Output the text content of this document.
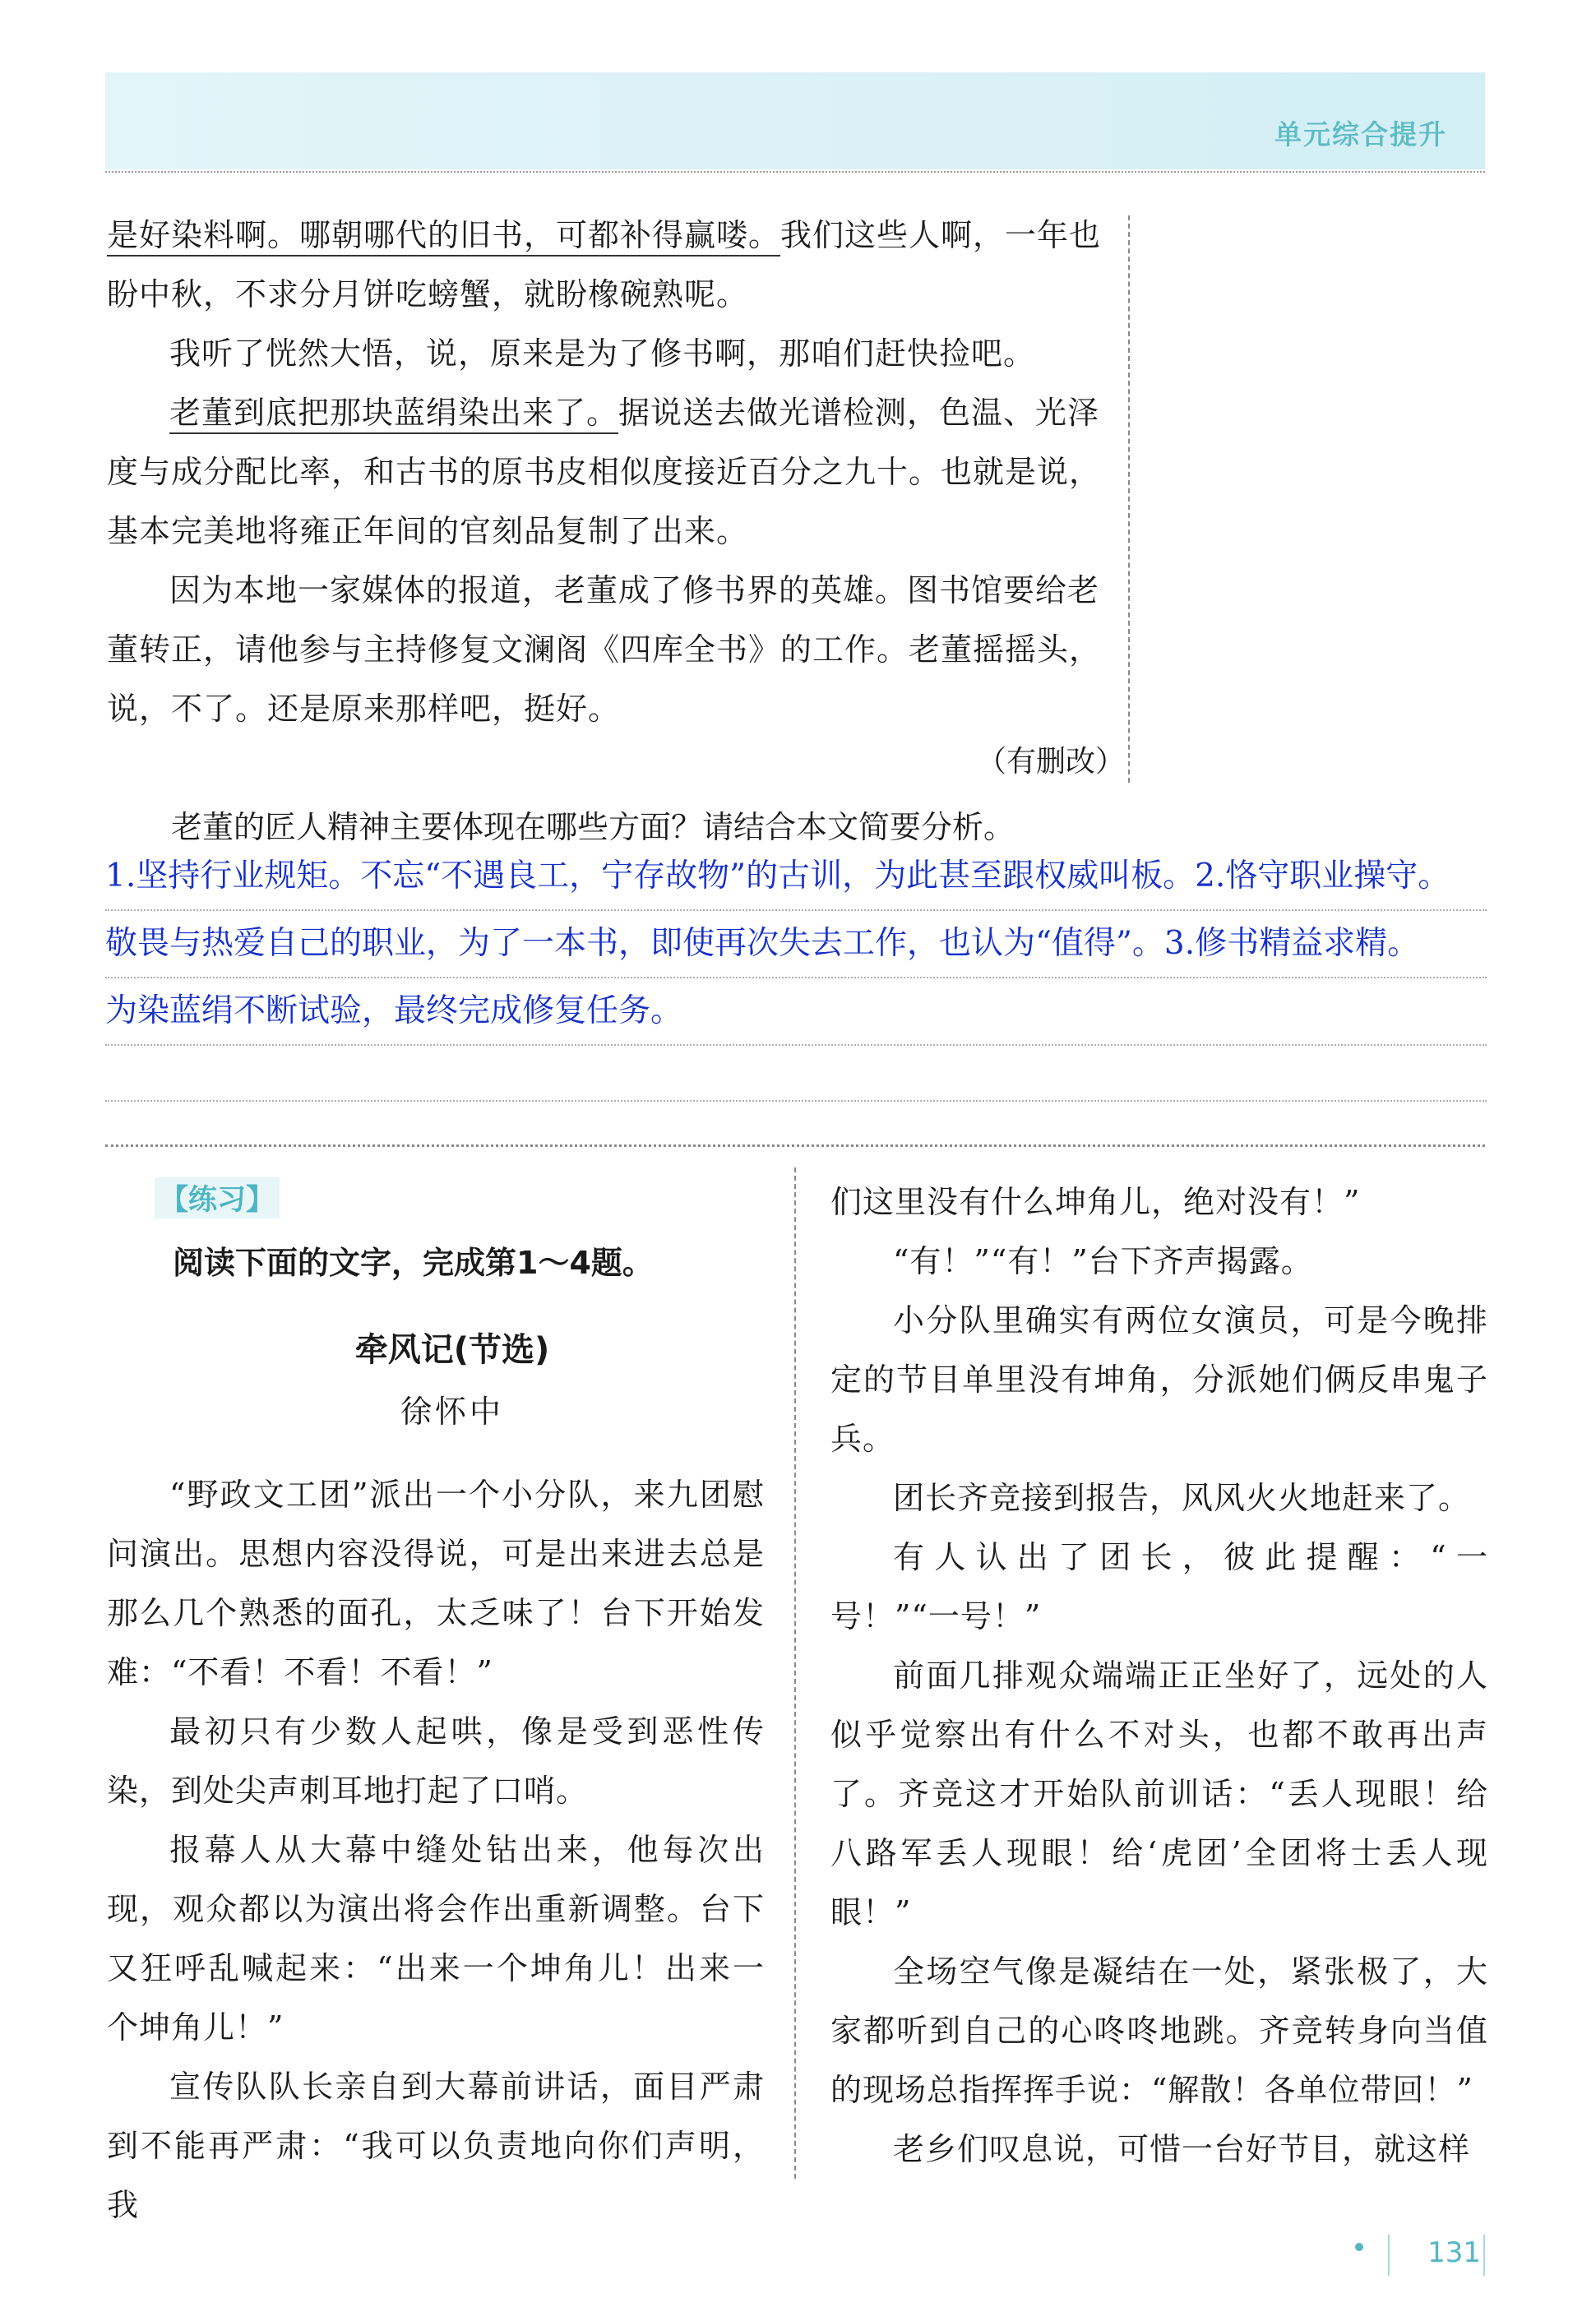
单元综合提升
是好染料啊。哪朝哪代的旧书，可都补得赢喽。我们这些人啊，一年也盼中秋，不求分月饼吃螃蟹，就盼橡碗熟呢。
我听了恍然大悟，说，原来是为了修书啊，那咱们赶快捡吧。
老董到底把那块蓝绢染出来了。据说送去做光谱检测，色温、光泽度与成分配比率，和古书的原书皮相似度接近百分之九十。也就是说，基本完美地将雍正年间的官刻品复制了出来。
因为本地一家媒体的报道，老董成了修书界的英雄。图书馆要给老董转正，请他参与主持修复文澜阁《四库全书》的工作。老董摇摇头，说，不了。还是原来那样吧，挺好。
（有删改）
老董的匠人精神主要体现在哪些方面？请结合本文简要分析。
1.坚持行业规矩。不忘“不遇良工，宁存故物”的古训，为此甚至跟权威叫板。2.恪守职业操守。
敬畏与热爱自己的职业，为了一本书，即使再次失去工作，也认为“值得”。3.修书精益求精。
为染蓝绢不断试验，最终完成修复任务。
【练习】
阅读下面的文字，完成第1～4题。
牵风记(节选)
徐怀中

“野政文工团”派出一个小分队，来九团慰问演出。思想内容没得说，可是出来进去总是那么几个熟悉的面孔，太乏味了！台下开始发难：“不看！不看！不看！”

最初只有少数人起哄，像是受到恶性传染，到处尖声刺耳地打起了口哨。

报幕人从大幕中缝处钻出来，他每次出现，观众都以为演出将会作出重新调整。台下又狂呼乱喊起来：“出来一个坤角儿！出来一个坤角儿！”

宣传队队长亲自到大幕前讲话，面目严肃到不能再严肃：“我可以负责地向你们声明，我

们这里没有什么坤角儿，绝对没有！”

“有！”“有！”台下齐声揭露。

小分队里确实有两位女演员，可是今晚排定的节目单里没有坤角，分派她们俩反串鬼子兵。

团长齐竞接到报告，风风火火地赶来了。

有人认出了团长，彼此提醒：“一号！”“一号！”

前面几排观众端端正正坐好了，远处的人似乎觉察出有什么不对头，也都不敢再出声了。齐竞这才开始队前训话：“丢人现眼！给八路军丢人现眼！给‘虎团’全团将士丢人现眼！”

全场空气像是凝结在一处，紧张极了，大家都听到自己的心咚咚地跳。齐竞转身向当值的现场总指挥挥手说：“解散！各单位带回！”

老乡们叹息说，可惜一台好节目，就这样

131
